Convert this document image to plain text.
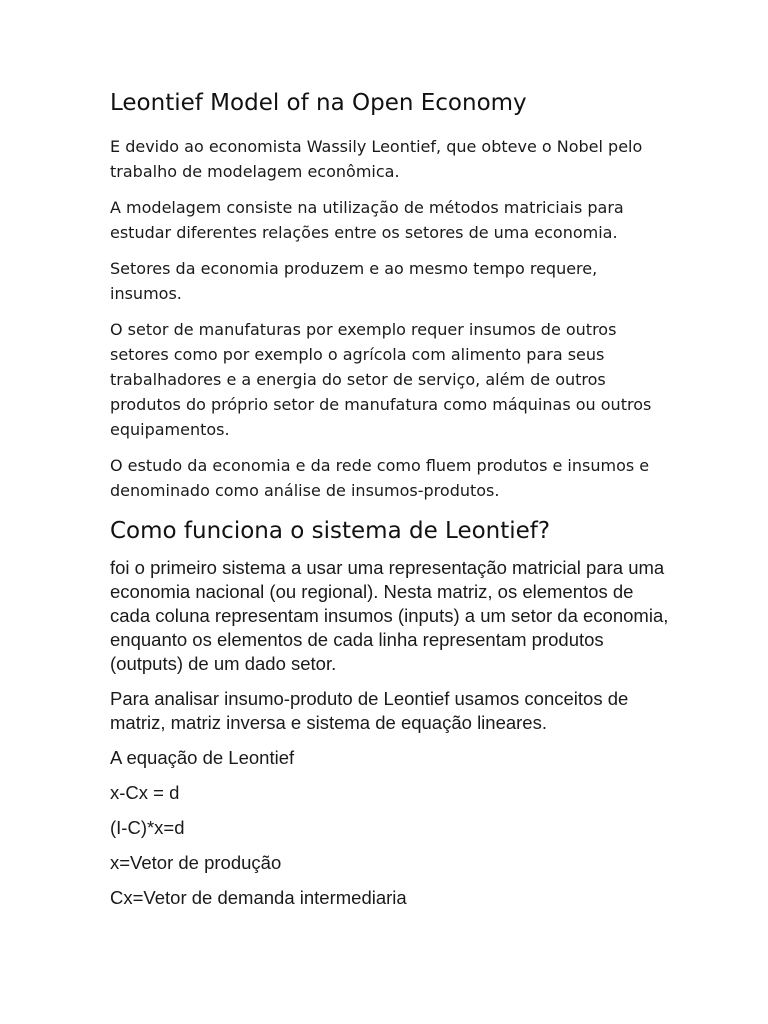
Leontief Model of na Open Economy

E devido ao economista Wassily Leontief, que obteve o Nobel pelo trabalho de modelagem econômica.

A modelagem consiste na utilização de métodos matriciais para estudar diferentes relações entre os setores de uma economia.

Setores da economia produzem e ao mesmo tempo requere, insumos.

O setor de manufaturas por exemplo requer insumos de outros setores como por exemplo o agrícola com alimento para seus trabalhadores e a energia do setor de serviço, além de outros produtos do próprio setor de manufatura como máquinas ou outros equipamentos.

O estudo da economia e da rede como fluem produtos e insumos e denominado como análise de insumos-produtos.

Como funciona o sistema de Leontief?

foi o primeiro sistema a usar uma representação matricial para uma economia nacional (ou regional). Nesta matriz, os elementos de cada coluna representam insumos (inputs) a um setor da economia, enquanto os elementos de cada linha representam produtos (outputs) de um dado setor.

Para analisar insumo-produto de Leontief usamos conceitos de matriz, matriz inversa e sistema de equação lineares.

A equação de Leontief

x-Cx = d

(I-C)*x=d

x=Vetor de produção

Cx=Vetor de demanda intermediaria
